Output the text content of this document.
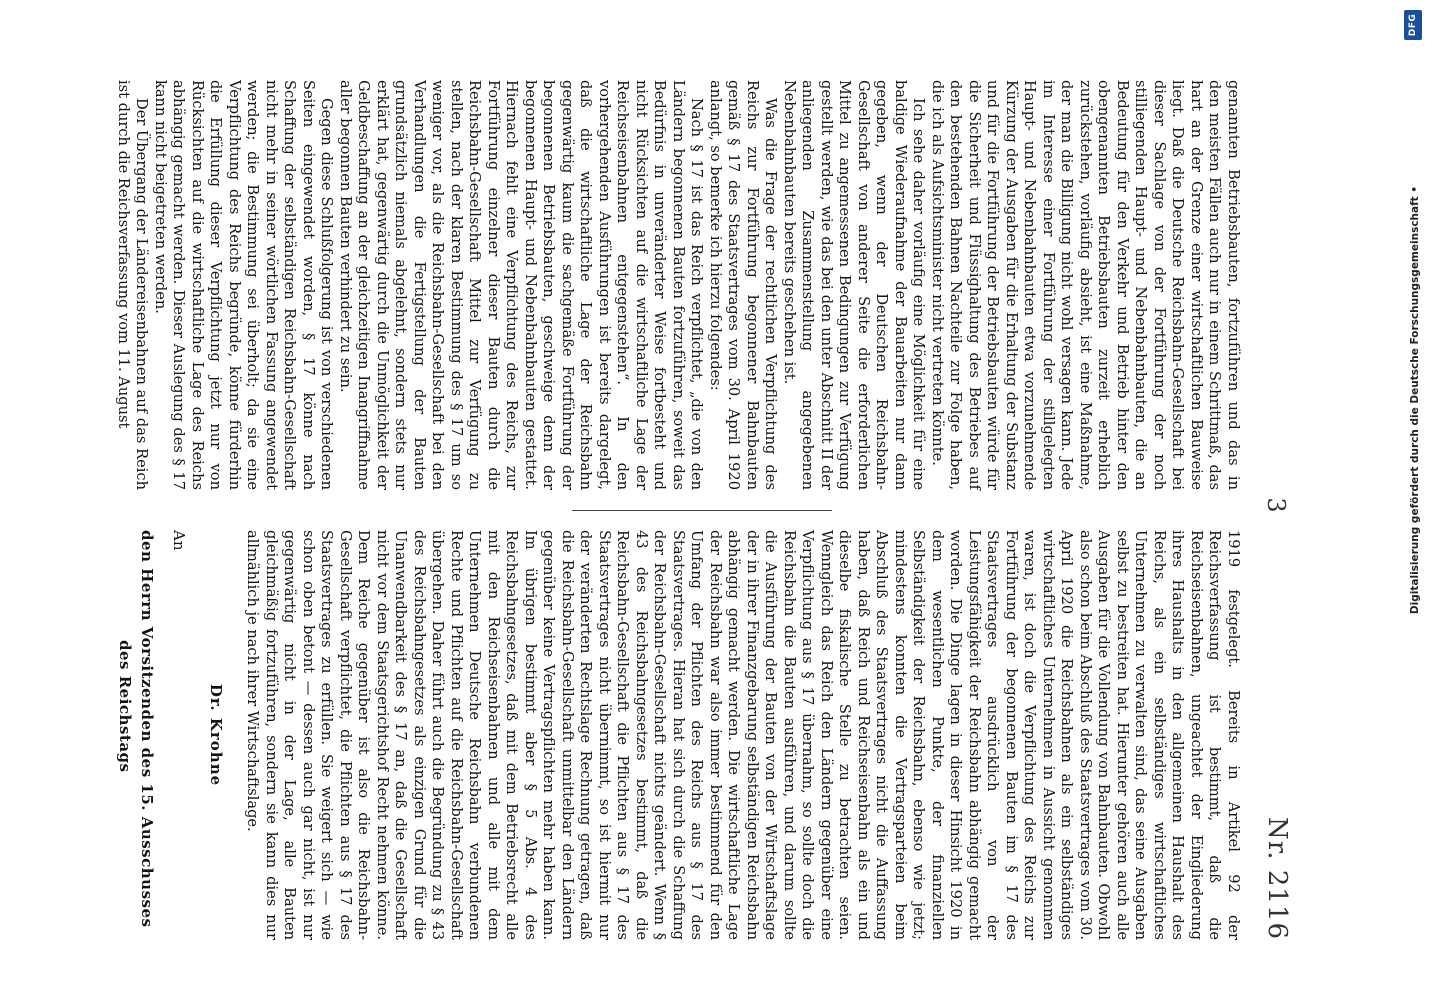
3
Nr. 2116

genannten Betriebsbauten, fortzuführen und das in den meisten Fällen auch nur in einem Schrittmaß, das hart an der Grenze einer wirtschaftlichen Bauweise liegt. Daß die Deutsche Reichsbahn-Gesellschaft bei dieser Sachlage von der Fortführung der noch stilliegenden Haupt- und Nebenbahnbauten, die an Bedeutung für den Verkehr und Betrieb hinter den obengenannten Betriebsbauten zurzeit erheblich zurückstehen, vorläufig absieht, ist eine Maßnahme, der man die Billigung nicht wohl versagen kann. Jede im Interesse einer Fortführung der stillgelegten Haupt- und Nebenbahnbauten etwa vorzunehmende Kürzung der Ausgaben für die Erhaltung der Substanz und für die Fortführung der Betriebsbauten würde für die Sicherheit und Flüssighaltung des Betriebes auf den bestehenden Bahnen Nachteile zur Folge haben, die ich als Aufsichtsminister nicht vertreten könnte.

Ich sehe daher vorläufig eine Möglichkeit für eine baldige Wiederaufnahme der Bauarbeiten nur dann gegeben, wenn der Deutschen Reichsbahn-Gesellschaft von anderer Seite die erforderlichen Mittel zu angemessenen Bedingungen zur Verfügung gestellt werden, wie das bei den unter Abschnitt II der anliegenden Zusammenstellung angegebenen Nebenbahnbauten bereits geschehen ist.

Was die Frage der rechtlichen Verpflichtung des Reichs zur Fortführung begonnener Bahnbauten gemäß § 17 des Staatsvertrages vom 30. April 1920 anlangt, so bemerke ich hierzu folgendes:

Nach § 17 ist das Reich verpflichtet, „die von den Ländern begonnenen Bauten fortzuführen, soweit das Bedürfnis in unveränderter Weise fortbesteht und nicht Rücksichten auf die wirtschaftliche Lage der Reichseisenbahnen entgegenstehen“. In den vorhergehenden Ausführungen ist bereits dargelegt, daß die wirtschaftliche Lage der Reichsbahn gegenwärtig kaum die sachgemäße Fortführung der begonnenen Betriebsbauten, geschweige denn der begonnenen Haupt- und Nebenbahnbauten gestattet. Hiernach fehlt eine Verpflichtung des Reichs, zur Fortführung einzelner dieser Bauten durch die Reichsbahn-Gesellschaft Mittel zur Verfügung zu stellen, nach der klaren Bestimmung des § 17 um so weniger vor, als die Reichsbahn-Gesellschaft bei den Verhandlungen die Fertigstellung der Bauten grundsätzlich niemals abgelehnt, sondern stets nur erklärt hat, gegenwärtig durch die Unmöglichkeit der Geldbeschaffung an der gleichzeitigen Inangriffnahme aller begonnen Bauten verhindert zu sein.

Gegen diese Schlußfolgerung ist von verschiedenen Seiten eingewendet worden, § 17 könne nach Schaffung der selbständigen Reichsbahn-Gesellschaft nicht mehr in seiner wörtlichen Fassung angewendet werden; die Bestimmung sei überholt; da sie eine Verpflichtung des Reichs begründe, könne fürderhin die Erfüllung dieser Verpflichtung jetzt nur von Rücksichten auf die wirtschaftliche Lage des Reichs abhängig gemacht werden. Dieser Auslegung des § 17 kann nicht beigetreten werden.

Der Übergang der Ländereisenbahnen auf das Reich ist durch die Reichsverfassung vom 11. August

1919 festgelegt. Bereits in Artikel 92 der Reichsverfassung ist bestimmt, daß die Reichseisenbahnen, ungeachtet der Eingliederung ihres Haushalts in den allgemeinen Haushalt des Reichs, als ein selbständiges wirtschaftliches Unternehmen zu verwalten sind, das seine Ausgaben selbst zu bestreiten hat. Hierunter gehören auch alle Ausgaben für die Vollendung von Bahnbauten. Obwohl also schon beim Abschluß des Staatsvertrages vom 30. April 1920 die Reichsbahnen als ein selbständiges wirtschaftliches Unternehmen in Aussicht genommen waren, ist doch die Verpflichtung des Reichs zur Fortführung der begonnenen Bauten im § 17 des Staatsvertrages ausdrücklich von der Leistungsfähigkeit der Reichsbahn abhängig gemacht worden. Die Dinge lagen in dieser Hinsicht 1920 in dem wesentlichen Punkte, der finanziellen Selbständigkeit der Reichsbahn, ebenso wie jetzt; mindestens konnten die Vertragsparteien beim Abschluß des Staatsvertrages nicht die Auffassung haben, daß Reich und Reichseisenbahn als ein und dieselbe fiskalische Stelle zu betrachten seien. Wenngleich das Reich den Ländern gegenüber eine Verpflichtung aus § 17 übernahm, so sollte doch die Reichsbahn die Bauten ausführen, und darum sollte die Ausführung der Bauten von der Wirtschaftslage der in ihrer Finanzgebarung selbständigen Reichsbahn abhängig gemacht werden. Die wirtschaftliche Lage der Reichsbahn war also immer bestimmend für den Umfang der Pflichten des Reichs aus § 17 des Staatsvertrages. Hieran hat sich durch die Schaffung der Reichsbahn-Gesellschaft nichts geändert. Wenn § 43 des Reichsbahngesetzes bestimmt, daß die Reichsbahn-Gesellschaft die Pflichten aus § 17 des Staatsvertrages nicht übernimmt, so ist hiermit nur der veränderten Rechtslage Rechnung getragen, daß die Reichsbahn-Gesellschaft unmittelbar den Ländern gegenüber keine Vertragspflichten mehr haben kann. Im übrigen bestimmt aber § 5 Abs. 4 des Reichsbahngesetzes, daß mit dem Betriebsrecht alle mit den Reichseisenbahnen und alle mit dem Unternehmen Deutsche Reichsbahn verbundenen Rechte und Pflichten auf die Reichsbahn-Gesellschaft übergehen. Daher führt auch die Begründung zu § 43 des Reichsbahngesetzes als einzigen Grund für die Unanwendbarkeit des § 17 an, daß die Gesellschaft nicht vor dem Staatsgerichtshof Recht nehmen könne. Dem Reiche gegenüber ist also die Reichsbahn-Gesellschaft verpflichtet, die Pflichten aus § 17 des Staatsvertrages zu erfüllen. Sie weigert sich — wie schon oben betont — dessen auch gar nicht, ist nur gegenwärtig nicht in der Lage, alle Bauten gleichmäßig fortzuführen, sondern sie kann dies nur allmählich je nach ihrer Wirtschaftslage.

Dr. Krohne
An
den Herrn Vorsitzenden des 15. Ausschusses
des Reichstags
DFG
Digitalisierung gefördert durch die Deutsche Forschungsgemeinschaft •
